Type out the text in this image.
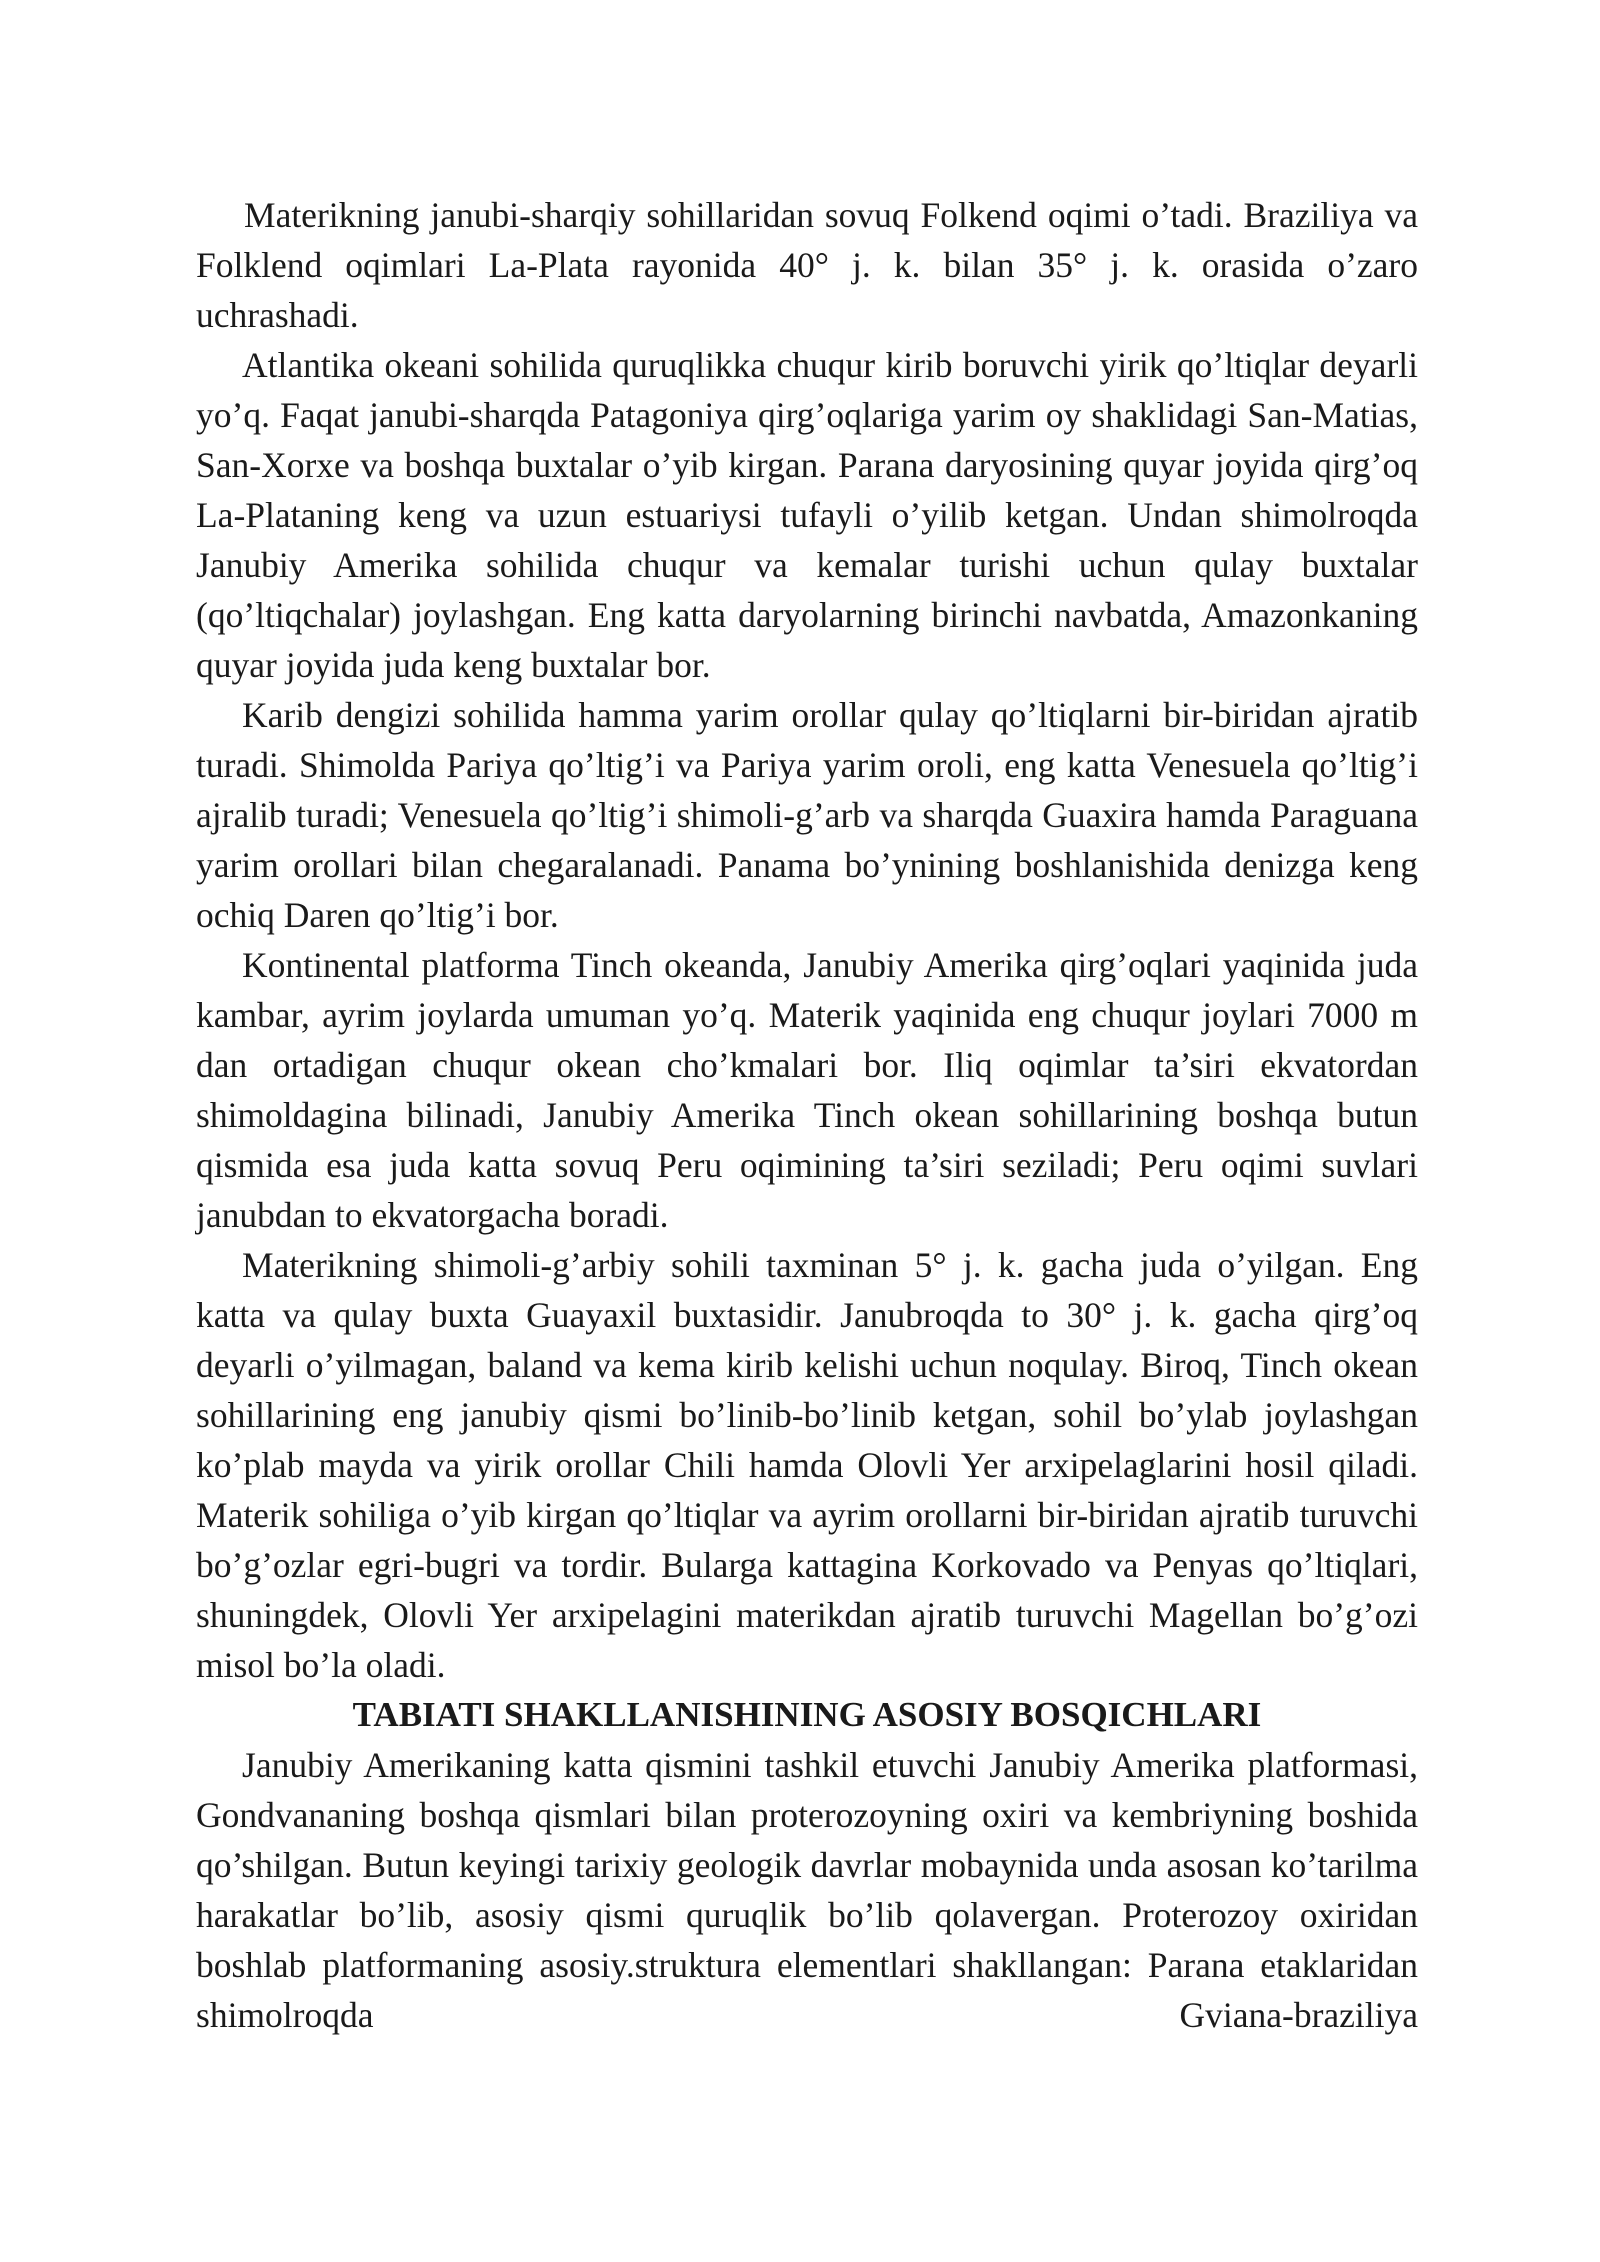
Materikning janubi-sharqiy sohillaridan sovuq Folkend oqimi o’tadi. Braziliya va Folklend oqimlari La-Plata rayonida 40° j. k. bilan 35° j. k. orasida o’zaro uchrashadi.

Atlantika okeani sohilida quruqlikka chuqur kirib boruvchi yirik qo’ltiqlar deyarli yo’q. Faqat janubi-sharqda Patagoniya qirg’oqlariga yarim oy shaklidagi San-Matias, San-Xorxe va boshqa buxtalar o’yib kirgan. Parana daryosining quyar joyida qirg’oq La-Plataning keng va uzun estuariysi tufayli o’yilib ketgan. Undan shimolroqda Janubiy Amerika sohilida chuqur va kemalar turishi uchun qulay buxtalar (qo’ltiqchalar) joylashgan. Eng katta daryolarning birinchi navbatda, Amazonkaning quyar joyida juda keng buxtalar bor.

Karib dengizi sohilida hamma yarim orollar qulay qo’ltiqlarni bir-biridan ajratib turadi. Shimolda Pariya qo’ltig’i va Pariya yarim oroli, eng katta Venesuela qo’ltig’i ajralib turadi; Venesuela qo’ltig’i shimoli-g’arb va sharqda Guaxira hamda Paraguana yarim orollari bilan chegaralanadi. Panama bo’ynining boshlanishida denizga keng ochiq Daren qo’ltig’i bor.

Kontinental platforma Tinch okeanda, Janubiy Amerika qirg’oqlari yaqinida juda kambar, ayrim joylarda umuman yo’q. Materik yaqinida eng chuqur joylari 7000 m dan ortadigan chuqur okean cho’kmalari bor. Iliq oqimlar ta’siri ekvatordan shimoldagina bilinadi, Janubiy Amerika Tinch okean sohillarining boshqa butun qismida esa juda katta sovuq Peru oqimining ta’siri seziladi; Peru oqimi suvlari janubdan to ekvatorgacha boradi.

Materikning shimoli-g’arbiy sohili taxminan 5° j. k. gacha juda o’yilgan. Eng katta va qulay buxta Guayaxil buxtasidir. Janubroqda to 30° j. k. gacha qirg’oq deyarli o’yilmagan, baland va kema kirib kelishi uchun noqulay. Biroq, Tinch okean sohillarining eng janubiy qismi bo’linib-bo’linib ketgan, sohil bo’ylab joylashgan ko’plab mayda va yirik orollar Chili hamda Olovli Yer arxipelaglarini hosil qiladi. Materik sohiliga o’yib kirgan qo’ltiqlar va ayrim orollarni bir-biridan ajratib turuvchi bo’g’ozlar egri-bugri va tordir. Bularga kattagina Korkovado va Penyas qo’ltiqlari, shuningdek, Olovli Yer arxipelagini materikdan ajratib turuvchi Magellan bo’g’ozi misol bo’la oladi.

TABIATI SHAKLLANISHINING ASOSIY BOSQICHLARI

Janubiy Amerikaning katta qismini tashkil etuvchi Janubiy Amerika platformasi, Gondvananing boshqa qismlari bilan proterozoyning oxiri va kembriyning boshida qo’shilgan. Butun keyingi tarixiy geologik davrlar mobaynida unda asosan ko’tarilma harakatlar bo’lib, asosiy qismi quruqlik bo’lib qolavergan. Proterozoy oxiridan boshlab platformaning asosiy.struktura elementlari shakllangan: Parana etaklaridan shimolroqda Gviana-braziliya
